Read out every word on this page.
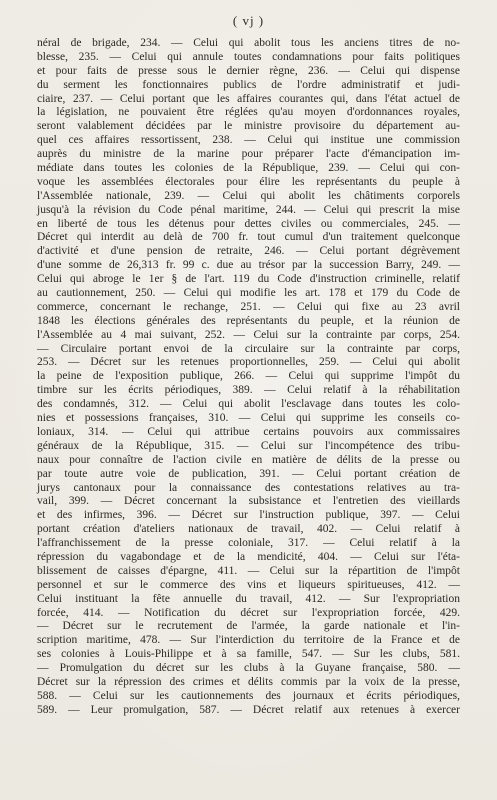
( vj )
néral de brigade, 234. — Celui qui abolit tous les anciens titres de no-
blesse, 235. — Celui qui annule toutes condamnations pour faits politiques
et pour faits de presse sous le dernier règne, 236. — Celui qui dispense
du serment les fonctionnaires publics de l'ordre administratif et judi-
ciaire, 237. — Celui portant que les affaires courantes qui, dans l'état actuel de
la législation, ne pouvaient être réglées qu'au moyen d'ordonnances royales,
seront valablement décidées par le ministre provisoire du département au-
quel ces affaires ressortissent, 238. — Celui qui institue une commission
auprès du ministre de la marine pour préparer l'acte d'émancipation im-
médiate dans toutes les colonies de la République, 239. — Celui qui con-
voque les assemblées électorales pour élire les représentants du peuple à
l'Assemblée nationale, 239. — Celui qui abolit les châtiments corporels
jusqu'à la révision du Code pénal maritime, 244. — Celui qui prescrit la mise
en liberté de tous les détenus pour dettes civiles ou commerciales, 245. —
Décret qui interdit au delà de 700 fr. tout cumul d'un traitement quelconque
d'activité et d'une pension de retraite, 246. — Celui portant dégrèvement
d'une somme de 26,313 fr. 99 c. due au trésor par la succession Barry, 249. —
Celui qui abroge le 1er § de l'art. 119 du Code d'instruction criminelle, relatif
au cautionnement, 250. — Celui qui modifie les art. 178 et 179 du Code de
commerce, concernant le rechange, 251. — Celui qui fixe au 23 avril
1848 les élections générales des représentants du peuple, et la réunion de
l'Assemblée au 4 mai suivant, 252. — Celui sur la contrainte par corps, 254.
— Circulaire portant envoi de la circulaire sur la contrainte par corps,
253. — Décret sur les retenues proportionnelles, 259. — Celui qui abolit
la peine de l'exposition publique, 266. — Celui qui supprime l'impôt du
timbre sur les écrits périodiques, 389. — Celui relatif à la réhabilitation
des condamnés, 312. — Celui qui abolit l'esclavage dans toutes les colo-
nies et possessions françaises, 310. — Celui qui supprime les conseils co-
loniaux, 314. — Celui qui attribue certains pouvoirs aux commissaires
généraux de la République, 315. — Celui sur l'incompétence des tribu-
naux pour connaître de l'action civile en matière de délits de la presse ou
par toute autre voie de publication, 391. — Celui portant création de
jurys cantonaux pour la connaissance des contestations relatives au tra-
vail, 399. — Décret concernant la subsistance et l'entretien des vieillards
et des infirmes, 396. — Décret sur l'instruction publique, 397. — Celui
portant création d'ateliers nationaux de travail, 402. — Celui relatif à
l'affranchissement de la presse coloniale, 317. — Celui relatif à la
répression du vagabondage et de la mendicité, 404. — Celui sur l'éta-
blissement de caisses d'épargne, 411. — Celui sur la répartition de l'impôt
personnel et sur le commerce des vins et liqueurs spiritueuses, 412. —
Celui instituant la fête annuelle du travail, 412. — Sur l'expropriation
forcée, 414. — Notification du décret sur l'expropriation forcée, 429.
— Décret sur le recrutement de l'armée, la garde nationale et l'in-
scription maritime, 478. — Sur l'interdiction du territoire de la France et de
ses colonies à Louis-Philippe et à sa famille, 547. — Sur les clubs, 581.
— Promulgation du décret sur les clubs à la Guyane française, 580. —
Décret sur la répression des crimes et délits commis par la voix de la presse,
588. — Celui sur les cautionnements des journaux et écrits périodiques,
589. — Leur promulgation, 587. — Décret relatif aux retenues à exercer
